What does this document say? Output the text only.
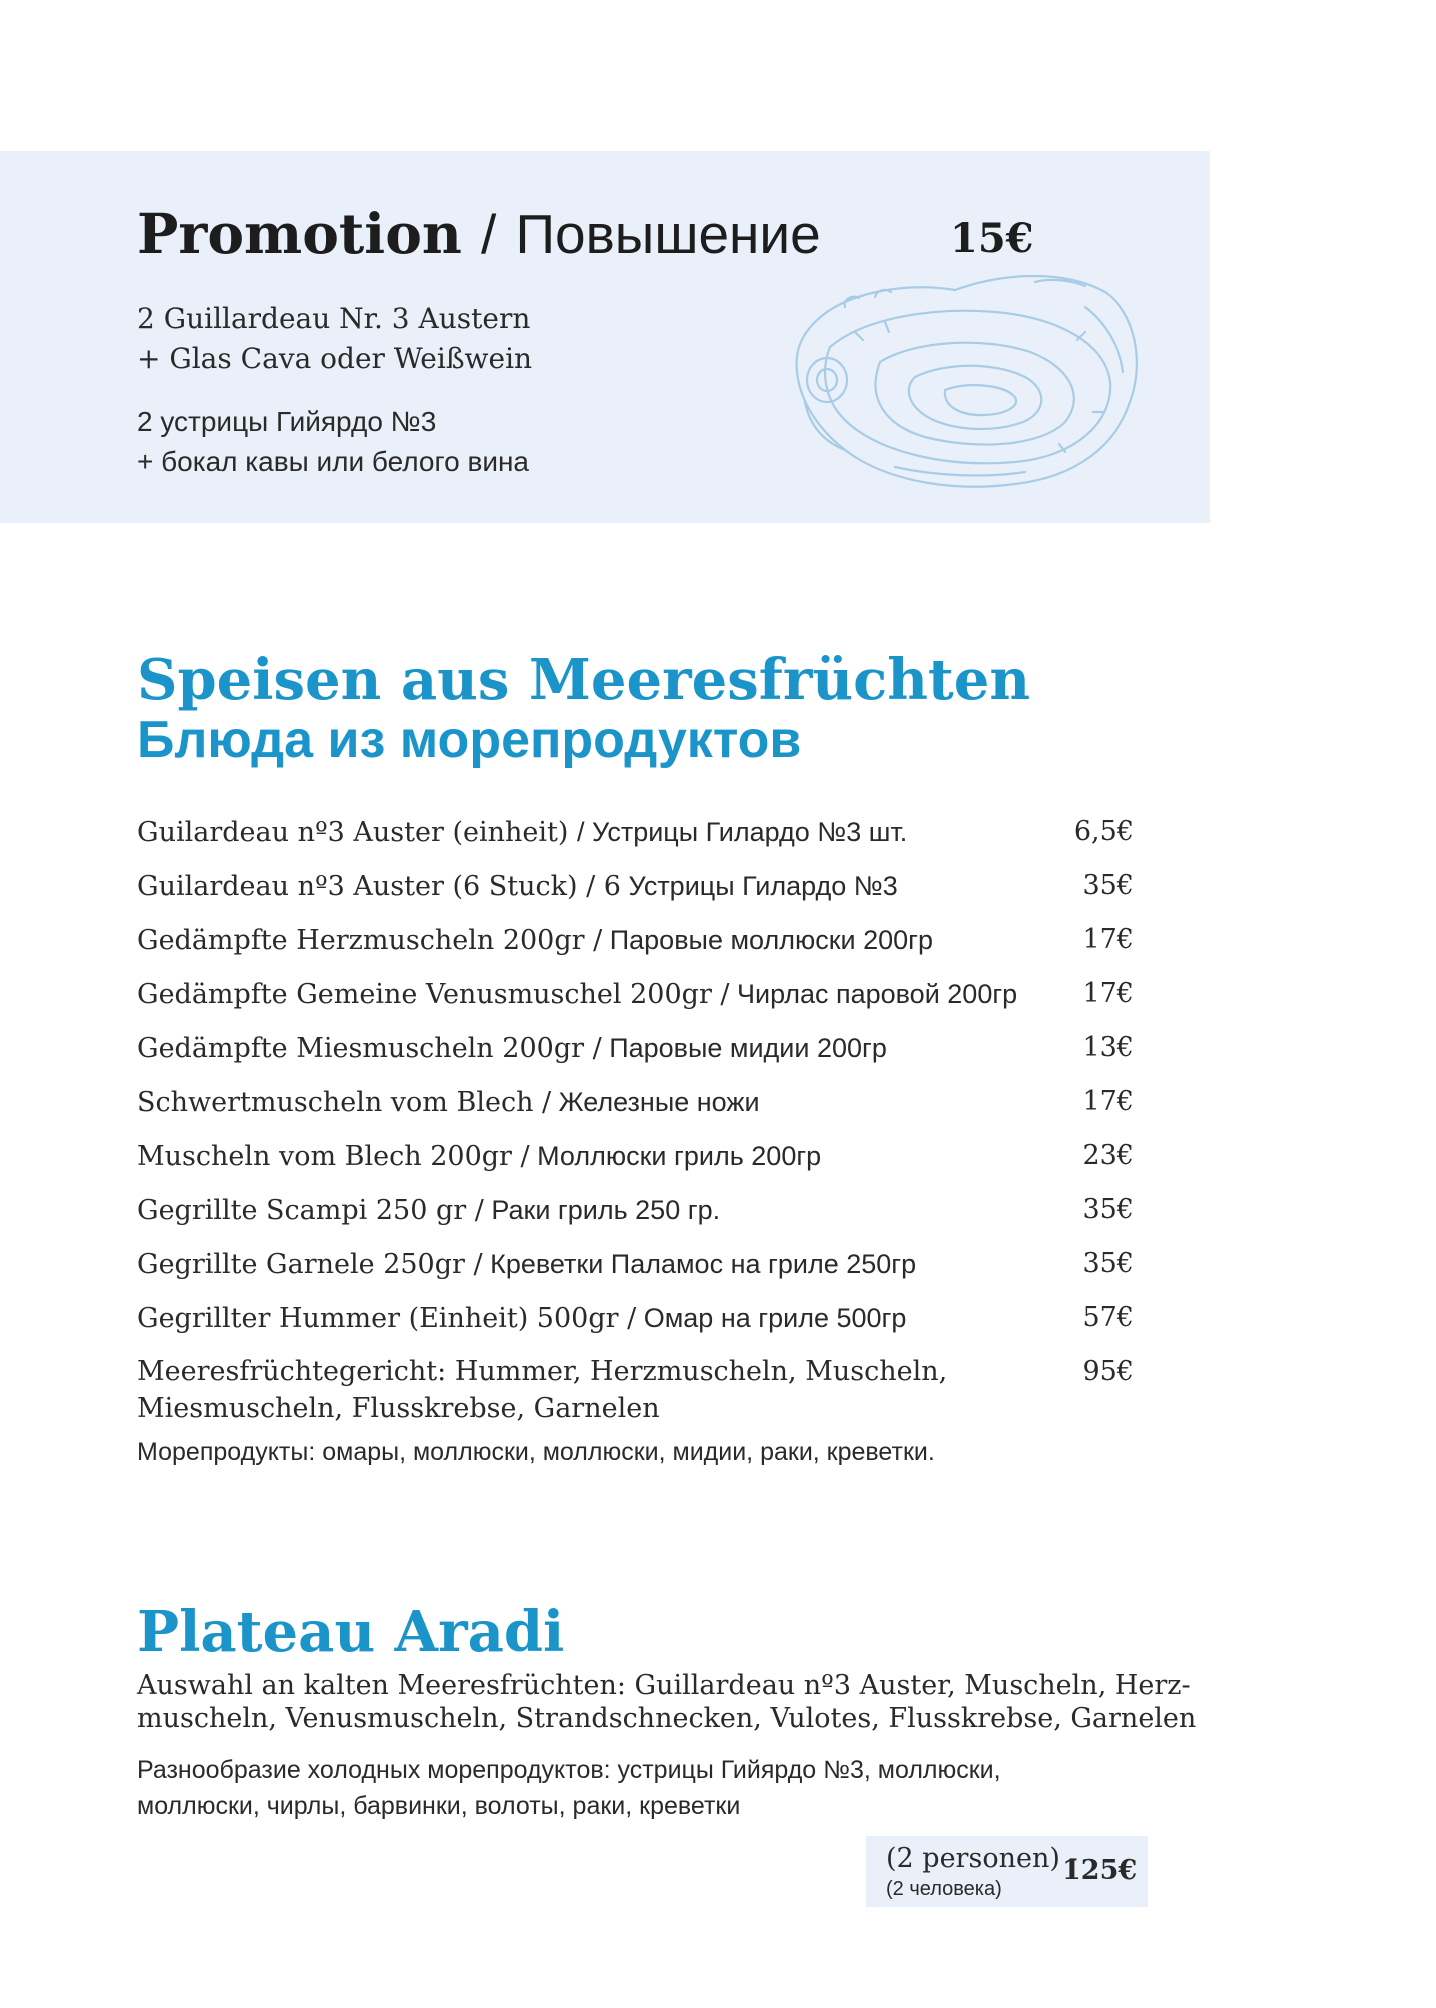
Promotion / Повышение	15€
2 Guillardeau Nr. 3 Austern
+ Glas Cava oder Weißwein
2 устрицы Гийярдо №3
+ бокал кавы или белого вина
Speisen aus Meeresfrüchten
Блюда из морепродуктов
Guilardeau nº3 Auster (einheit) / Устрицы Гилардо №3 шт.	6,5€
Guilardeau nº3 Auster (6 Stuck) / 6 Устрицы Гилардо №3	35€
Gedämpfte Herzmuscheln 200gr / Паровые моллюски 200гр	17€
Gedämpfte Gemeine Venusmuschel 200gr / Чирлас паровой 200гр 17€
Gedämpfte Miesmuscheln 200gr / Паровые мидии 200гр	13€
Schwertmuscheln vom Blech / Железные ножи	17€
Muscheln vom Blech 200gr / Моллюски гриль 200гр	23€
Gegrillte Scampi 250 gr / Раки гриль 250 гр.	35€
Gegrillte Garnele 250gr / Креветки Паламос на гриле 250гр	35€
Gegrillter Hummer (Einheit) 500gr / Омар на гриле 500гр	57€
Meeresfrüchtegericht: Hummer, Herzmuscheln, Muscheln,	95€
Miesmuscheln, Flusskrebse, Garnelen
Морепродукты: омары, моллюски, моллюски, мидии, раки, креветки.
Plateau Aradi
Auswahl an kalten Meeresfrüchten: Guillardeau nº3 Auster, Muscheln, Herz-
muscheln, Venusmuscheln, Strandschnecken, Vulotes, Flusskrebse, Garnelen
Разнообразие холодных морепродуктов: устрицы Гийярдо №3, моллюски,
моллюски, чирлы, барвинки, волоты, раки, креветки
(2 personen) -
(2 человека)
125€
